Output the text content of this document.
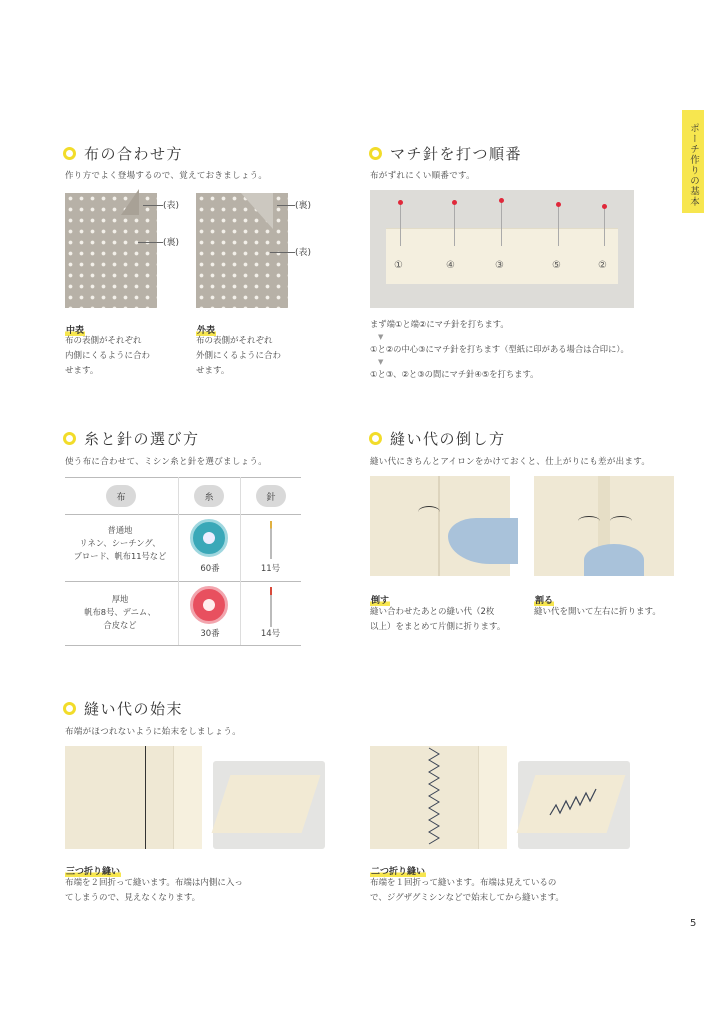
ポーチ作りの基本
布の合わせ方
作り方でよく登場するので、覚えておきましょう。
(表)
(裏)
(裏)
(表)
中表
布の表側がそれぞれ
内側にくるように合わ
せます。
外表
布の表側がそれぞれ
外側にくるように合わ
せます。
マチ針を打つ順番
布がずれにくい順番です。
①	④	③	⑤	②
まず端①と端②にマチ針を打ちます。
▼
①と②の中心③にマチ針を打ちます（型紙に印がある場合は合印に）。
▼
①と③、②と③の間にマチ針④⑤を打ちます。
糸と針の選び方
使う布に合わせて、ミシン糸と針を選びましょう。
布	糸	針
普通地
リネン、シーチング、
ブロード、帆布11号など
60番	11号
厚地
帆布8号、デニム、
合皮など
30番	14号
縫い代の倒し方
縫い代にきちんとアイロンをかけておくと、仕上がりにも差が出ます。
倒す
縫い合わせたあとの縫い代（2枚
以上）をまとめて片側に折ります。
割る
縫い代を開いて左右に折ります。
縫い代の始末
布端がほつれないように始末をしましょう。
三つ折り縫い
布端を２回折って縫います。布端は内側に入っ
てしまうので、見えなくなります。
二つ折り縫い
布端を１回折って縫います。布端は見えているの
で、ジグザグミシンなどで始末してから縫います。
5
